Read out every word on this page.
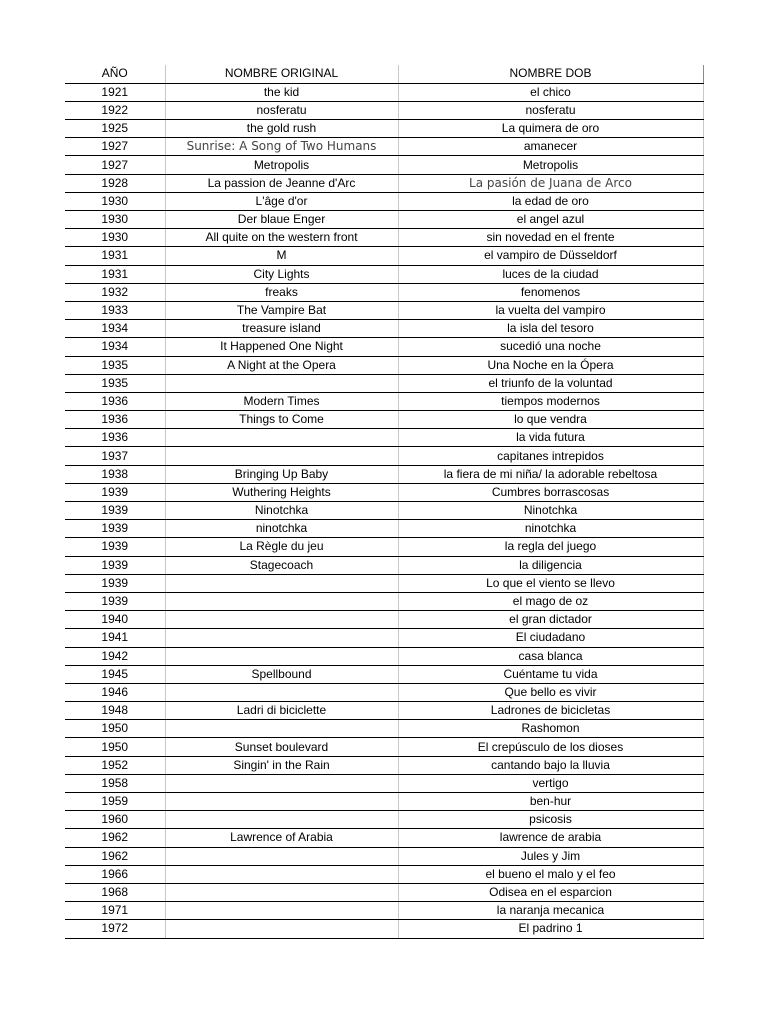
AÑO	NOMBRE ORIGINAL	NOMBRE DOB
1921	the kid	el chico
1922	nosferatu	nosferatu
1925	the gold rush	La quimera de oro
1927	Sunrise: A Song of Two Humans	amanecer
1927	Metropolis	Metropolis
1928	La passion de Jeanne d'Arc	La pasión de Juana de Arco
1930	L'âge d'or	la edad de oro
1930	Der blaue Enger	el angel azul
1930	All quite on the western front	sin novedad en el frente
1931	M	el vampiro de Düsseldorf
1931	City Lights	luces de la ciudad
1932	freaks	fenomenos
1933	The Vampire Bat	la vuelta del vampiro
1934	treasure island	la isla del tesoro
1934	It Happened One Night	sucedió una noche
1935	A Night at the Opera	Una Noche en la Ópera
1935		el triunfo de la voluntad
1936	Modern Times	tiempos modernos
1936	Things to Come	lo que vendra
1936		la vida futura
1937		capitanes intrepidos
1938	Bringing Up Baby	la fiera de mi niña/ la adorable rebeltosa
1939	Wuthering Heights	Cumbres borrascosas
1939	Ninotchka	Ninotchka
1939	ninotchka	ninotchka
1939	La Règle du jeu	la regla del juego
1939	Stagecoach	la diligencia
1939		Lo que el viento se llevo
1939		el mago de oz
1940		el gran dictador
1941		El ciudadano
1942		casa blanca
1945	Spellbound	Cuéntame tu vida
1946		Que bello es vivir
1948	Ladri di biciclette	Ladrones de bicicletas
1950		Rashomon
1950	Sunset boulevard	El crepúsculo de los dioses
1952	Singin' in the Rain	cantando bajo la lluvia
1958		vertigo
1959		ben-hur
1960		psicosis
1962	Lawrence of Arabia	lawrence de arabia
1962		Jules y Jim
1966		el bueno el malo y el feo
1968		Odisea en el esparcion
1971		la naranja mecanica
1972		El padrino 1
